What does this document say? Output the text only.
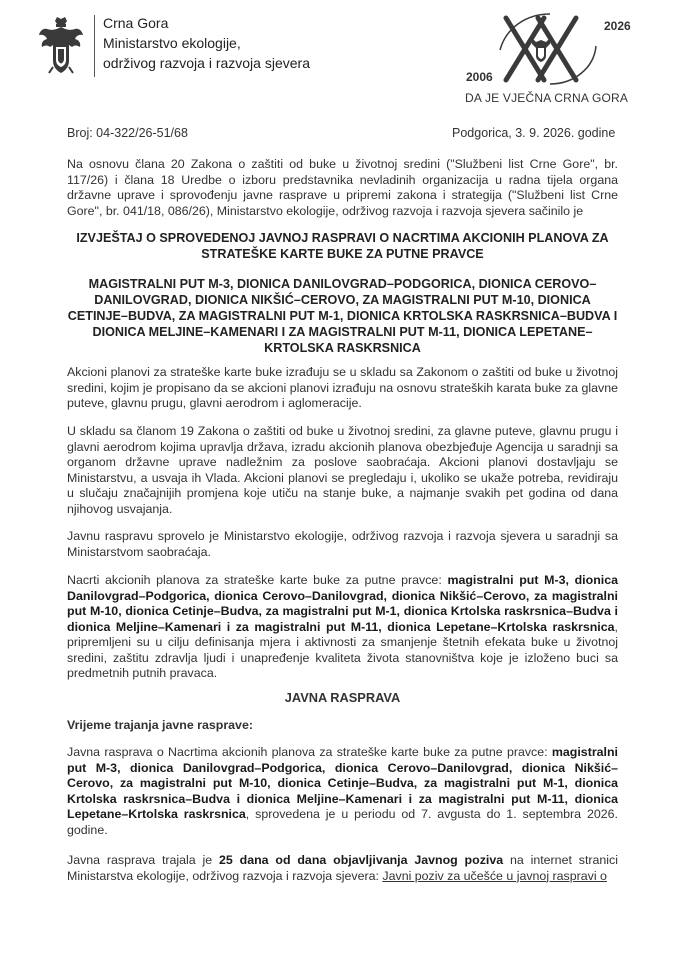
Crna Gora
Ministarstvo ekologije,
održivog razvoja i razvoja sjevera
2006
2026
DA JE VJEČNA CRNA GORA
Broj: 04-322/26-51/68	Podgorica, 3. 9. 2026. godine
Na osnovu člana 20 Zakona o zaštiti od buke u životnoj sredini ("Službeni list Crne Gore", br. 117/26) i člana 18 Uredbe o izboru predstavnika nevladinih organizacija u radna tijela organa državne uprave i sprovođenju javne rasprave u pripremi zakona i strategija ("Službeni list Crne Gore", br. 041/18, 086/26), Ministarstvo ekologije, održivog razvoja i razvoja sjevera sačinilo je
IZVJEŠTAJ O SPROVEDENOJ JAVNOJ RASPRAVI O NACRTIMA AKCIONIH PLANOVA ZA STRATEŠKE KARTE BUKE ZA PUTNE PRAVCE
MAGISTRALNI PUT M-3, DIONICA DANILOVGRAD–PODGORICA, DIONICA CEROVO–DANILOVGRAD, DIONICA NIKŠIĆ–CEROVO, ZA MAGISTRALNI PUT M-10, DIONICA CETINJE–BUDVA, ZA MAGISTRALNI PUT M-1, DIONICA KRTOLSKA RASKRSNICA–BUDVA I DIONICA MELJINE–KAMENARI I ZA MAGISTRALNI PUT M-11, DIONICA LEPETANE–KRTOLSKA RASKRSNICA
Akcioni planovi za strateške karte buke izrađuju se u skladu sa Zakonom o zaštiti od buke u životnoj sredini, kojim je propisano da se akcioni planovi izrađuju na osnovu strateških karata buke za glavne puteve, glavnu prugu, glavni aerodrom i aglomeracije.
U skladu sa članom 19 Zakona o zaštiti od buke u životnoj sredini, za glavne puteve, glavnu prugu i glavni aerodrom kojima upravlja država, izradu akcionih planova obezbjeđuje Agencija u saradnji sa organom državne uprave nadležnim za poslove saobraćaja. Akcioni planovi dostavljaju se Ministarstvu, a usvaja ih Vlada. Akcioni planovi se pregledaju i, ukoliko se ukaže potreba, revidiraju u slučaju značajnijih promjena koje utiču na stanje buke, a najmanje svakih pet godina od dana njihovog usvajanja.
Javnu raspravu sprovelo je Ministarstvo ekologije, održivog razvoja i razvoja sjevera u saradnji sa Ministarstvom saobraćaja.
Nacrti akcionih planova za strateške karte buke za putne pravce: magistralni put M-3, dionica Danilovgrad–Podgorica, dionica Cerovo–Danilovgrad, dionica Nikšić–Cerovo, za magistralni put M-10, dionica Cetinje–Budva, za magistralni put M-1, dionica Krtolska raskrsnica–Budva i dionica Meljine–Kamenari i za magistralni put M-11, dionica Lepetane–Krtolska raskrsnica, pripremljeni su u cilju definisanja mjera i aktivnosti za smanjenje štetnih efekata buke u životnoj sredini, zaštitu zdravlja ljudi i unapređenje kvaliteta života stanovništva koje je izloženo buci sa predmetnih putnih pravaca.
JAVNA RASPRAVA
Vrijeme trajanja javne rasprave:
Javna rasprava o Nacrtima akcionih planova za strateške karte buke za putne pravce: magistralni put M-3, dionica Danilovgrad–Podgorica, dionica Cerovo–Danilovgrad, dionica Nikšić–Cerovo, za magistralni put M-10, dionica Cetinje–Budva, za magistralni put M-1, dionica Krtolska raskrsnica–Budva i dionica Meljine–Kamenari i za magistralni put M-11, dionica Lepetane–Krtolska raskrsnica, sprovedena je u periodu od 7. avgusta do 1. septembra 2026. godine.
Javna rasprava trajala je 25 dana od dana objavljivanja Javnog poziva na internet stranici Ministarstva ekologije, održivog razvoja i razvoja sjevera: Javni poziv za učešće u javnoj raspravi o
